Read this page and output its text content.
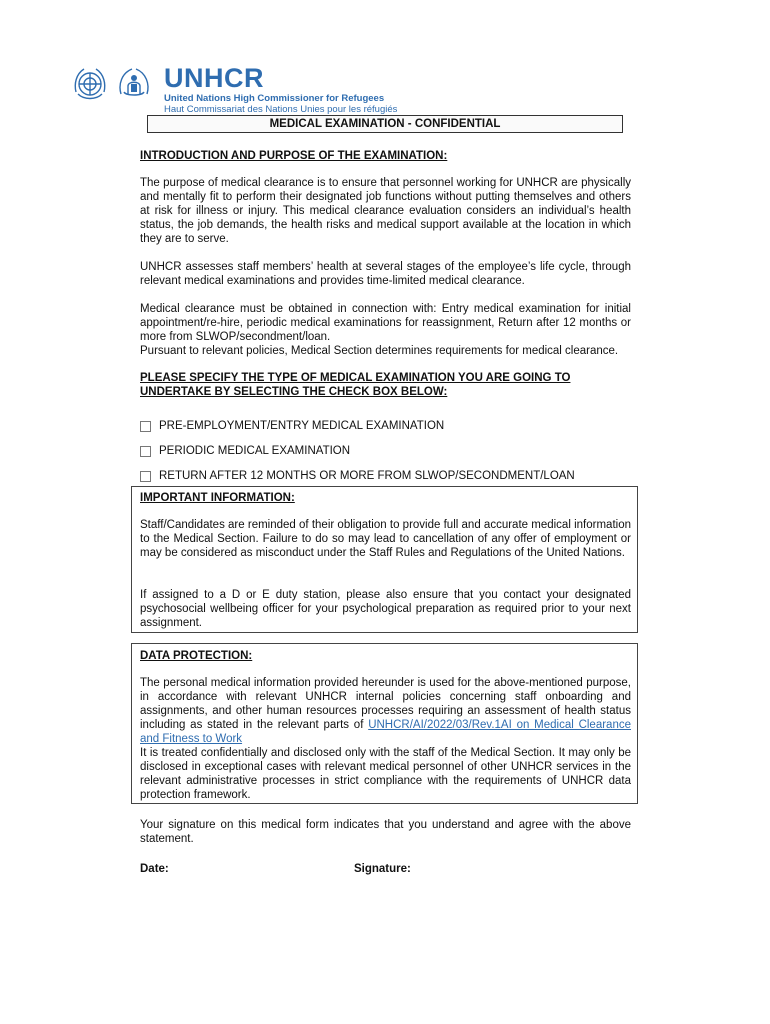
UNHCR
United Nations High Commissioner for Refugees
Haut Commissariat des Nations Unies pour les réfugiés
MEDICAL EXAMINATION - CONFIDENTIAL
INTRODUCTION AND PURPOSE OF THE EXAMINATION:
The purpose of medical clearance is to ensure that personnel working for UNHCR are physically and mentally fit to perform their designated job functions without putting themselves and others at risk for illness or injury. This medical clearance evaluation considers an individual’s health status, the job demands, the health risks and medical support available at the location in which they are to serve.
UNHCR assesses staff members’ health at several stages of the employee’s life cycle, through relevant medical examinations and provides time-limited medical clearance.
Medical clearance must be obtained in connection with: Entry medical examination for initial appointment/re-hire, periodic medical examinations for reassignment, Return after 12 months or more from SLWOP/secondment/loan.
Pursuant to relevant policies, Medical Section determines requirements for medical clearance.
PLEASE SPECIFY THE TYPE OF MEDICAL EXAMINATION YOU ARE GOING TO UNDERTAKE BY SELECTING THE CHECK BOX BELOW:
PRE-EMPLOYMENT/ENTRY MEDICAL EXAMINATION
PERIODIC MEDICAL EXAMINATION
RETURN AFTER 12 MONTHS OR MORE FROM SLWOP/SECONDMENT/LOAN
IMPORTANT INFORMATION:
Staff/Candidates are reminded of their obligation to provide full and accurate medical information to the Medical Section. Failure to do so may lead to cancellation of any offer of employment or may be considered as misconduct under the Staff Rules and Regulations of the United Nations.
If assigned to a D or E duty station, please also ensure that you contact your designated psychosocial wellbeing officer for your psychological preparation as required prior to your next assignment.
DATA PROTECTION:
The personal medical information provided hereunder is used for the above-mentioned purpose, in accordance with relevant UNHCR internal policies concerning staff onboarding and assignments, and other human resources processes requiring an assessment of health status including as stated in the relevant parts of UNHCR/AI/2022/03/Rev.1AI on Medical Clearance and Fitness to Work
It is treated confidentially and disclosed only with the staff of the Medical Section. It may only be disclosed in exceptional cases with relevant medical personnel of other UNHCR services in the relevant administrative processes in strict compliance with the requirements of UNHCR data protection framework.
Your signature on this medical form indicates that you understand and agree with the above statement.
Date:	Signature:
